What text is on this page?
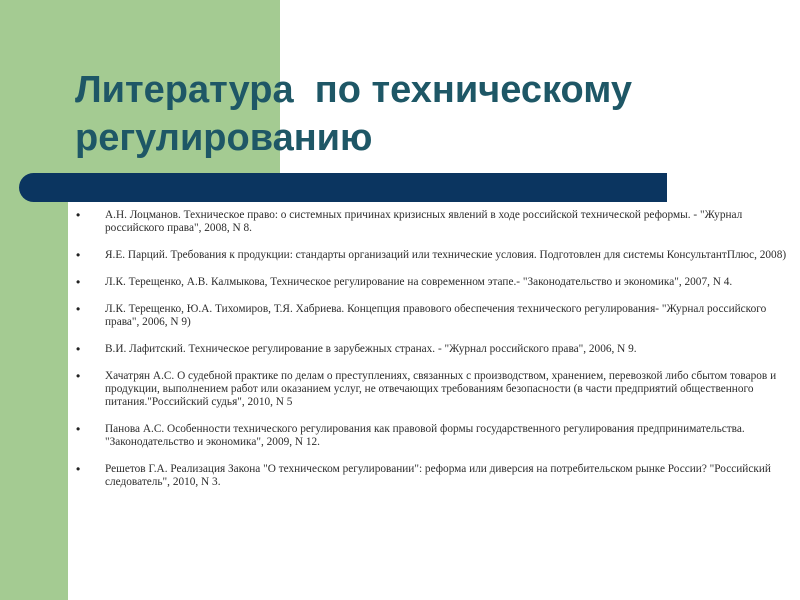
Литература  по техническому регулированию
• А.Н. Лоцманов. Техническое право: о системных причинах кризисных явлений в ходе российской технической реформы. - "Журнал российского права", 2008, N 8.
• Я.Е. Парций. Требования к продукции: стандарты организаций или технические условия. Подготовлен для системы КонсультантПлюс, 2008)
• Л.К. Терещенко, А.В. Калмыкова, Техническое регулирование на современном этапе.- "Законодательство и экономика", 2007, N 4.
• Л.К. Терещенко, Ю.А. Тихомиров, Т.Я. Хабриева. Концепция правового обеспечения технического регулирования- "Журнал российского права", 2006, N 9)
• В.И. Лафитский. Техническое регулирование в зарубежных странах. - "Журнал российского права", 2006, N 9.
• Хачатрян А.С. О судебной практике по делам о преступлениях, связанных с производством, хранением, перевозкой либо сбытом товаров и продукции, выполнением работ или оказанием услуг, не отвечающих требованиям безопасности (в части предприятий общественного питания."Российский судья", 2010, N 5
• Панова А.С. Особенности технического регулирования как правовой формы государственного регулирования предпринимательства. "Законодательство и экономика", 2009, N 12.
• Решетов Г.А. Реализация Закона "О техническом регулировании": реформа или диверсия на потребительском рынке России? "Российский следователь", 2010, N 3.
